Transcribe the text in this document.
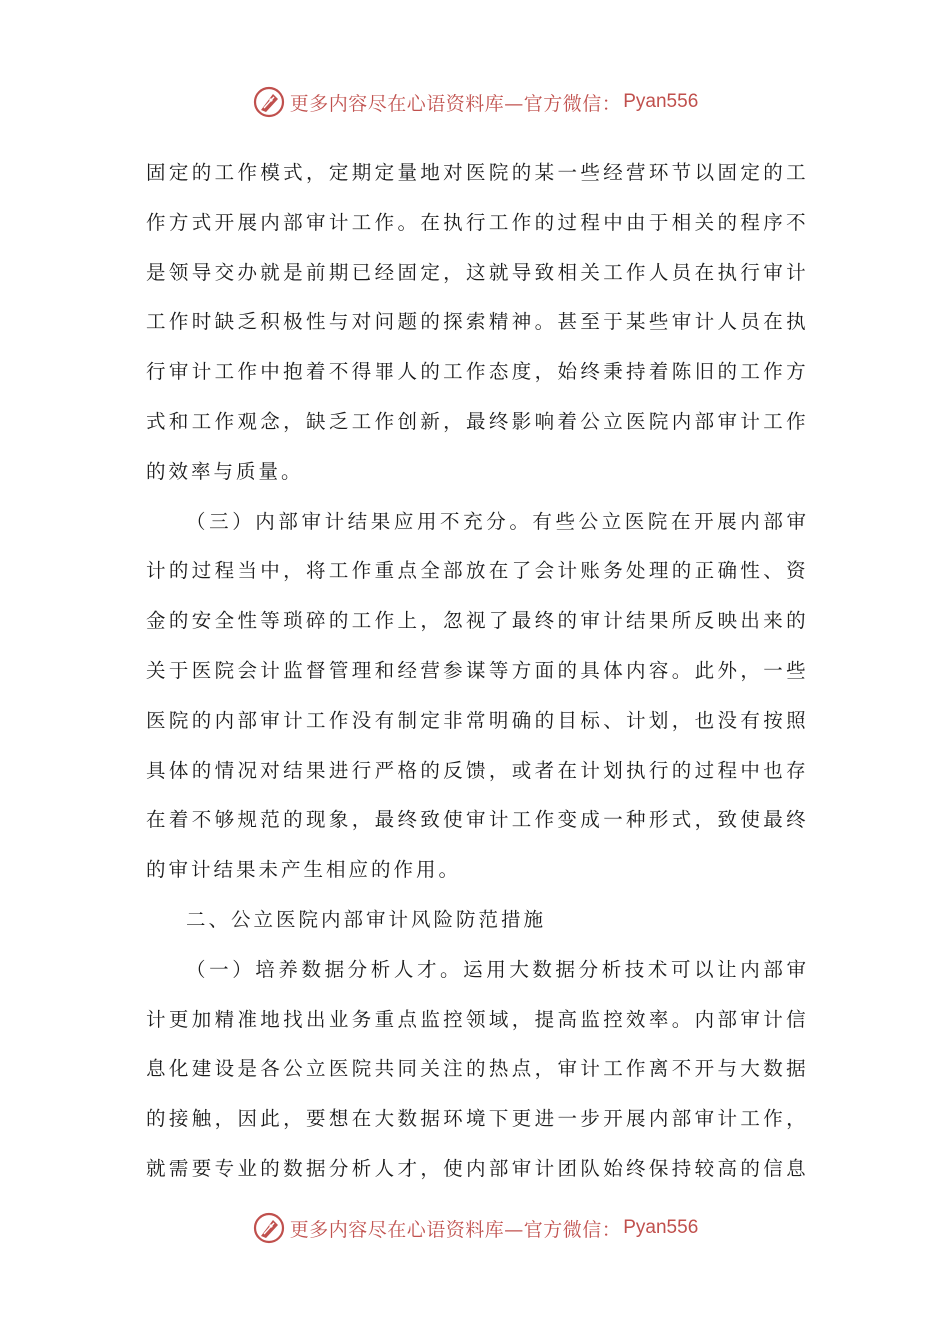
更多内容尽在心语资料库—官方微信： Pyan556
固 定 的 工 作 模 式 ， 定 期 定 量 地 对 医 院 的 某 一 些 经 营 环 节 以 固 定 的 工
作 方 式 开 展 内 部 审 计 工 作 。 在 执 行 工 作 的 过 程 中 由 于 相 关 的 程 序 不
是 领 导 交 办 就 是 前 期 已 经 固 定 ， 这 就 导 致 相 关 工 作 人 员 在 执 行 审 计
工 作 时 缺 乏 积 极 性 与 对 问 题 的 探 索 精 神 。 甚 至 于 某 些 审 计 人 员 在 执
行 审 计 工 作 中 抱 着 不 得 罪 人 的 工 作 态 度 ， 始 终 秉 持 着 陈 旧 的 工 作 方
式 和 工 作 观 念 ， 缺 乏 工 作 创 新 ， 最 终 影 响 着 公 立 医 院 内 部 审 计 工 作
的效率与质量。
（ 三 ） 内 部 审 计 结 果 应 用 不 充 分 。 有 些 公 立 医 院 在 开 展 内 部 审
计 的 过 程 当 中 ， 将 工 作 重 点 全 部 放 在 了 会 计 账 务 处 理 的 正 确 性 、 资
金 的 安 全 性 等 琐 碎 的 工 作 上 ， 忽 视 了 最 终 的 审 计 结 果 所 反 映 出 来 的
关 于 医 院 会 计 监 督 管 理 和 经 营 参 谋 等 方 面 的 具 体 内 容 。 此 外 ， 一 些
医 院 的 内 部 审 计 工 作 没 有 制 定 非 常 明 确 的 目 标 、 计 划 ， 也 没 有 按 照
具 体 的 情 况 对 结 果 进 行 严 格 的 反 馈 ， 或 者 在 计 划 执 行 的 过 程 中 也 存
在 着 不 够 规 范 的 现 象 ， 最 终 致 使 审 计 工 作 变 成 一 种 形 式 ， 致 使 最 终
的审计结果未产生相应的作用。
二、公立医院内部审计风险防范措施
（ 一 ） 培 养 数 据 分 析 人 才 。 运 用 大 数 据 分 析 技 术 可 以 让 内 部 审
计 更 加 精 准 地 找 出 业 务 重 点 监 控 领 域 ， 提 高 监 控 效 率 。 内 部 审 计 信
息 化 建 设 是 各 公 立 医 院 共 同 关 注 的 热 点 ， 审 计 工 作 离 不 开 与 大 数 据
的 接 触 ， 因 此 ， 要 想 在 大 数 据 环 境 下 更 进 一 步 开 展 内 部 审 计 工 作 ，
就 需 要 专 业 的 数 据 分 析 人 才 ， 使 内 部 审 计 团 队 始 终 保 持 较 高 的 信 息
更多内容尽在心语资料库—官方微信： Pyan556
